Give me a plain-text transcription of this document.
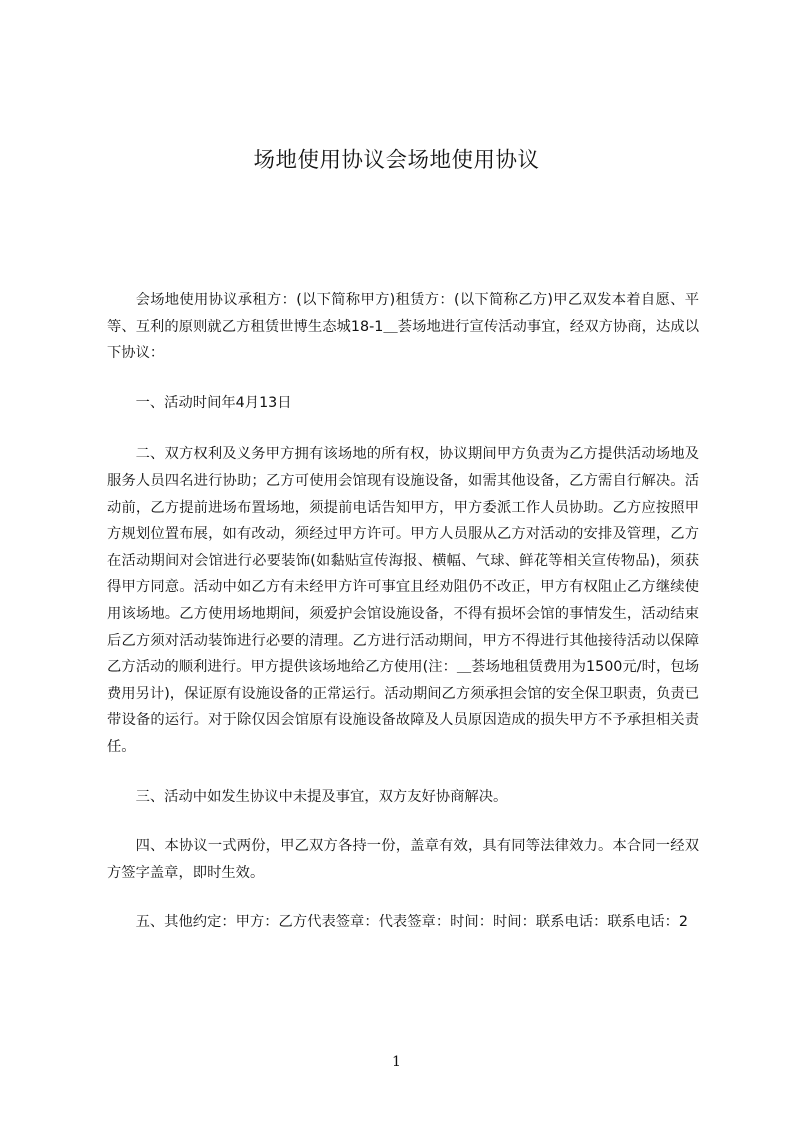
场地使用协议会场地使用协议

会场地使用协议承租方：(以下简称甲方)租赁方：(以下简称乙方)甲乙双发本着自愿、平等、互利的原则就乙方租赁世博生态城18-1＿荟场地进行宣传活动事宜，经双方协商，达成以下协议：

一、活动时间年4月13日

二、双方权利及义务甲方拥有该场地的所有权，协议期间甲方负责为乙方提供活动场地及服务人员四名进行协助；乙方可使用会馆现有设施设备，如需其他设备，乙方需自行解决。活动前，乙方提前进场布置场地，须提前电话告知甲方，甲方委派工作人员协助。乙方应按照甲方规划位置布展，如有改动，须经过甲方许可。甲方人员服从乙方对活动的安排及管理，乙方在活动期间对会馆进行必要装饰(如黏贴宣传海报、横幅、气球、鲜花等相关宣传物品)，须获得甲方同意。活动中如乙方有未经甲方许可事宜且经劝阻仍不改正，甲方有权阻止乙方继续使用该场地。乙方使用场地期间，须爱护会馆设施设备，不得有损坏会馆的事情发生，活动结束后乙方须对活动装饰进行必要的清理。乙方进行活动期间，甲方不得进行其他接待活动以保障乙方活动的顺利进行。甲方提供该场地给乙方使用(注：＿荟场地租赁费用为1500元/时，包场费用另计)，保证原有设施设备的正常运行。活动期间乙方须承担会馆的安全保卫职责，负责已带设备的运行。对于除仅因会馆原有设施设备故障及人员原因造成的损失甲方不予承担相关责任。

三、活动中如发生协议中未提及事宜，双方友好协商解决。

四、本协议一式两份，甲乙双方各持一份，盖章有效，具有同等法律效力。本合同一经双方签字盖章，即时生效。

五、其他约定：甲方：乙方代表签章：代表签章：时间：时间：联系电话：联系电话：2

1
